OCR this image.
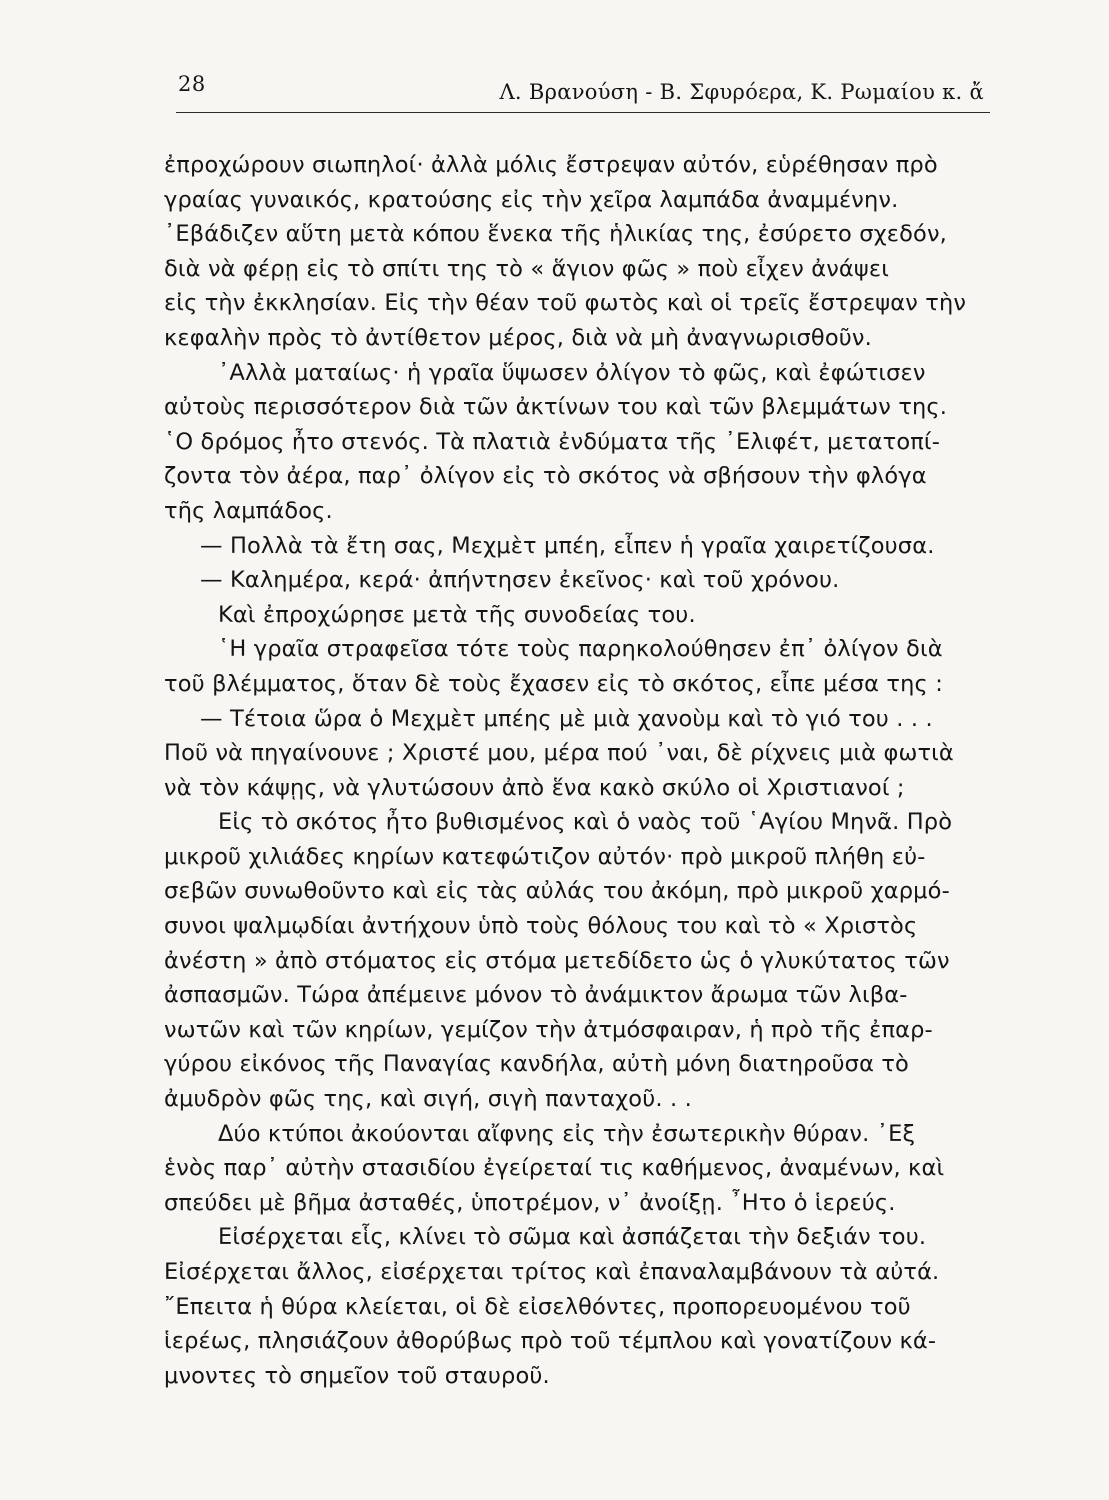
28	Λ. Βρανούση - Β. Σφυρόερα, Κ. Ρωμαίου κ. ἄ
ἐπροχώρουν σιωπηλοί· ἀλλὰ μόλις ἔστρεψαν αὐτόν, εὑρέθησαν πρὸ
γραίας γυναικός, κρατούσης εἰς τὴν χεῖρα λαμπάδα ἀναμμένην.
᾿Εβάδιζεν αὕτη μετὰ κόπου ἕνεκα τῆς ἡλικίας της, ἐσύρετο σχεδόν,
διὰ νὰ φέρῃ εἰς τὸ σπίτι της τὸ « ἅγιον φῶς » ποὺ εἶχεν ἀνάψει
εἰς τὴν ἐκκλησίαν. Εἰς τὴν θέαν τοῦ φωτὸς καὶ οἱ τρεῖς ἔστρεψαν τὴν
κεφαλὴν πρὸς τὸ ἀντίθετον μέρος, διὰ νὰ μὴ ἀναγνωρισθοῦν.
᾿Αλλὰ ματαίως· ἡ γραῖα ὕψωσεν ὀλίγον τὸ φῶς, καὶ ἐφώτισεν
αὐτοὺς περισσότερον διὰ τῶν ἀκτίνων του καὶ τῶν βλεμμάτων της.
῾Ο δρόμος ἦτο στενός. Τὰ πλατιὰ ἐνδύματα τῆς ᾿Ελιφέτ, μετατοπί-
ζοντα τὸν ἀέρα, παρ᾿ ὀλίγον εἰς τὸ σκότος νὰ σβήσουν τὴν φλόγα
τῆς λαμπάδος.
— Πολλὰ τὰ ἔτη σας, Μεχμὲτ μπέη, εἶπεν ἡ γραῖα χαιρετίζουσα.
— Καλημέρα, κερά· ἀπήντησεν ἐκεῖνος· καὶ τοῦ χρόνου.
Καὶ ἐπροχώρησε μετὰ τῆς συνοδείας του.
῾Η γραῖα στραφεῖσα τότε τοὺς παρηκολούθησεν ἐπ᾿ ὀλίγον διὰ
τοῦ βλέμματος, ὅταν δὲ τοὺς ἔχασεν εἰς τὸ σκότος, εἶπε μέσα της :
— Τέτοια ὥρα ὁ Μεχμὲτ μπέης μὲ μιὰ χανοὺμ καὶ τὸ γιό του . . .
Ποῦ νὰ πηγαίνουνε ; Χριστέ μου, μέρα πού ᾿ναι, δὲ ρίχνεις μιὰ φωτιὰ
νὰ τὸν κάψῃς, νὰ γλυτώσουν ἀπὸ ἕνα κακὸ σκύλο οἱ Χριστιανοί ;
Εἰς τὸ σκότος ἦτο βυθισμένος καὶ ὁ ναὸς τοῦ ῾Αγίου Μηνᾶ. Πρὸ
μικροῦ χιλιάδες κηρίων κατεφώτιζον αὐτόν· πρὸ μικροῦ πλήθη εὐ-
σεβῶν συνωθοῦντο καὶ εἰς τὰς αὐλάς του ἀκόμη, πρὸ μικροῦ χαρμό-
συνοι ψαλμῳδίαι ἀντήχουν ὑπὸ τοὺς θόλους του καὶ τὸ « Χριστὸς
ἀνέστη » ἀπὸ στόματος εἰς στόμα μετεδίδετο ὡς ὁ γλυκύτατος τῶν
ἀσπασμῶν. Τώρα ἀπέμεινε μόνον τὸ ἀνάμικτον ἄρωμα τῶν λιβα-
νωτῶν καὶ τῶν κηρίων, γεμίζον τὴν ἀτμόσφαιραν, ἡ πρὸ τῆς ἐπαρ-
γύρου εἰκόνος τῆς Παναγίας κανδήλα, αὐτὴ μόνη διατηροῦσα τὸ
ἀμυδρὸν φῶς της, καὶ σιγή, σιγὴ πανταχοῦ. . .
Δύο κτύποι ἀκούονται αἴφνης εἰς τὴν ἐσωτερικὴν θύραν. ᾿Εξ
ἑνὸς παρ᾿ αὐτὴν στασιδίου ἐγείρεταί τις καθήμενος, ἀναμένων, καὶ
σπεύδει μὲ βῆμα ἀσταθές, ὑποτρέμον, ν᾿ ἀνοίξῃ. ῏Ητο ὁ ἱερεύς.
Εἰσέρχεται εἷς, κλίνει τὸ σῶμα καὶ ἀσπάζεται τὴν δεξιάν του.
Εἰσέρχεται ἄλλος, εἰσέρχεται τρίτος καὶ ἐπαναλαμβάνουν τὰ αὐτά.
῎Επειτα ἡ θύρα κλείεται, οἱ δὲ εἰσελθόντες, προπορευομένου τοῦ
ἱερέως, πλησιάζουν ἀθορύβως πρὸ τοῦ τέμπλου καὶ γονατίζουν κά-
μνοντες τὸ σημεῖον τοῦ σταυροῦ.
